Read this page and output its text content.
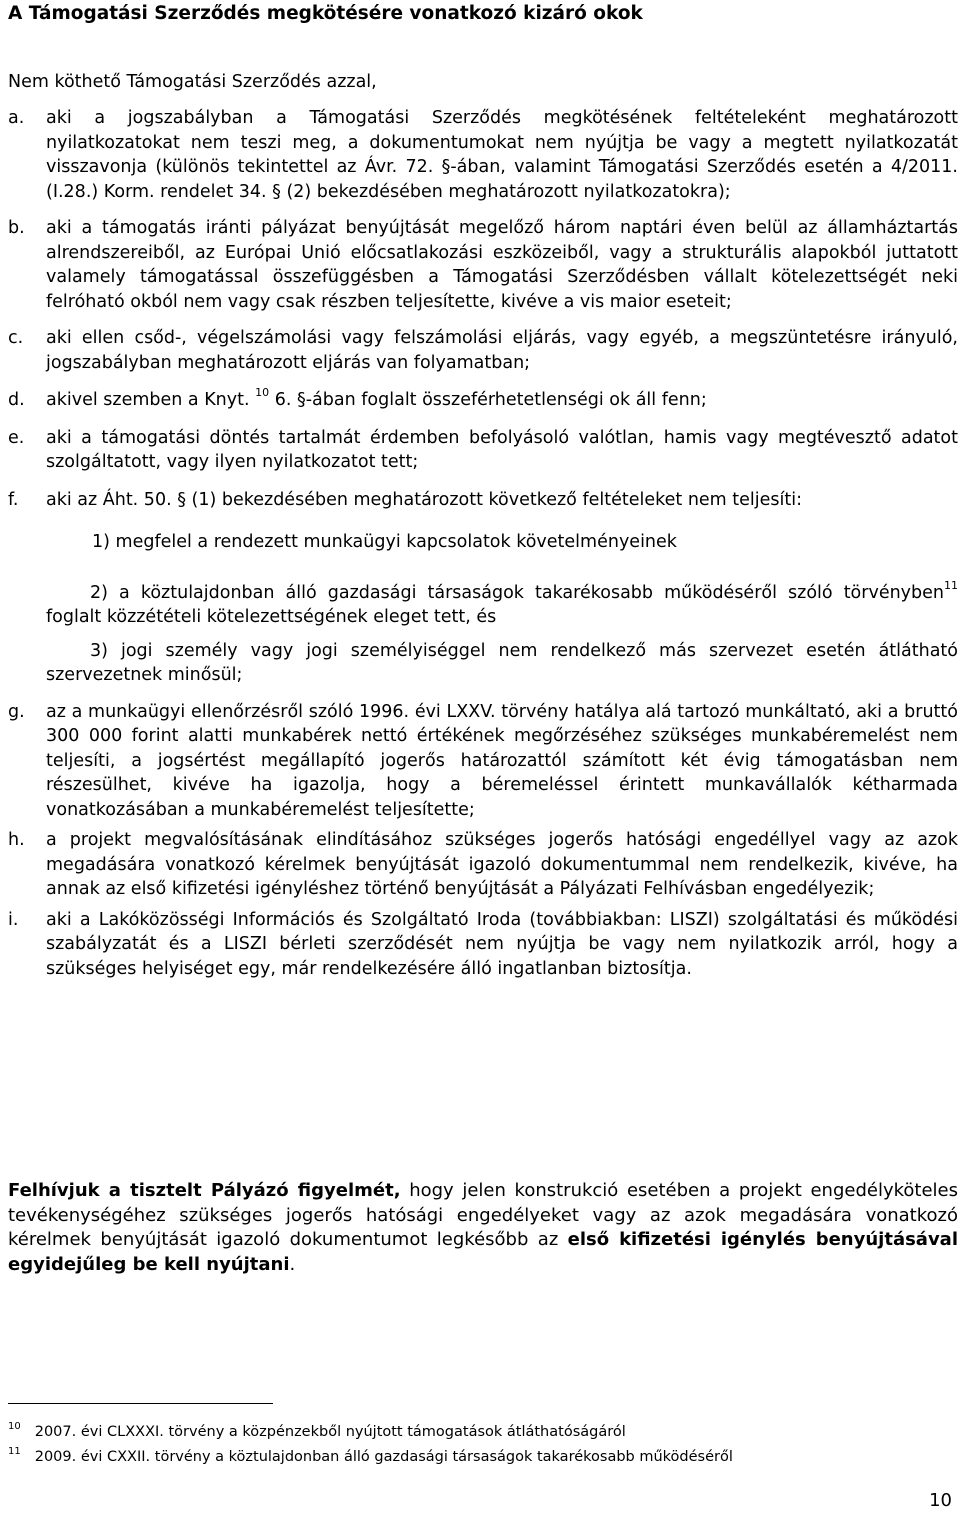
A Támogatási Szerződés megkötésére vonatkozó kizáró okok
Nem köthető Támogatási Szerződés azzal,
a.	aki a jogszabályban a Támogatási Szerződés megkötésének feltételeként meghatározott nyilatkozatokat nem teszi meg, a dokumentumokat nem nyújtja be vagy a megtett nyilatkozatát visszavonja (különös tekintettel az Ávr. 72. §-ában, valamint Támogatási Szerződés esetén a 4/2011. (I.28.) Korm. rendelet 34. § (2) bekezdésében meghatározott nyilatkozatokra);
b.	aki a támogatás iránti pályázat benyújtását megelőző három naptári éven belül az államháztartás alrendszereiből, az Európai Unió előcsatlakozási eszközeiből, vagy a strukturális alapokból juttatott valamely támogatással összefüggésben a Támogatási Szerződésben vállalt kötelezettségét neki felróható okból nem vagy csak részben teljesítette, kivéve a vis maior eseteit;
c.	aki ellen csőd-, végelszámolási vagy felszámolási eljárás, vagy egyéb, a megszüntetésre irányuló, jogszabályban meghatározott eljárás van folyamatban;
d.	akivel szemben a Knyt. $^{10}$ 6. §-ában foglalt összeférhetetlenségi ok áll fenn;
e.	aki a támogatási döntés tartalmát érdemben befolyásoló valótlan, hamis vagy megtévesztő adatot szolgáltatott, vagy ilyen nyilatkozatot tett;
f.	aki az Áht. 50. § (1) bekezdésében meghatározott következő feltételeket nem teljesíti:
1) megfelel a rendezett munkaügyi kapcsolatok követelményeinek
2) a köztulajdonban álló gazdasági társaságok takarékosabb működéséről szóló törvényben$^{11}$ foglalt közzétételi kötelezettségének eleget tett, és
3) jogi személy vagy jogi személyiséggel nem rendelkező más szervezet esetén átlátható szervezetnek minősül;
g.	az a munkaügyi ellenőrzésről szóló 1996. évi LXXV. törvény hatálya alá tartozó munkáltató, aki a bruttó 300 000 forint alatti munkabérek nettó értékének megőrzéséhez szükséges munkabéremelést nem teljesíti, a jogsértést megállapító jogerős határozattól számított két évig támogatásban nem részesülhet, kivéve ha igazolja, hogy a béremeléssel érintett munkavállalók kétharmada vonatkozásában a munkabéremelést teljesítette;
h.	a projekt megvalósításának elindításához szükséges jogerős hatósági engedéllyel vagy az azok megadására vonatkozó kérelmek benyújtását igazoló dokumentummal nem rendelkezik, kivéve, ha annak az első kifizetési igényléshez történő benyújtását a Pályázati Felhívásban engedélyezik;
i.	aki a Lakóközösségi Információs és Szolgáltató Iroda (továbbiakban: LISZI) szolgáltatási és működési szabályzatát és a LISZI bérleti szerződését nem nyújtja be vagy nem nyilatkozik arról, hogy a szükséges helyiséget egy, már rendelkezésére álló ingatlanban biztosítja.
Felhívjuk a tisztelt Pályázó figyelmét, hogy jelen konstrukció esetében a projekt engedélyköteles tevékenységéhez szükséges jogerős hatósági engedélyeket vagy az azok megadására vonatkozó kérelmek benyújtását igazoló dokumentumot legkésőbb az első kifizetési igénylés benyújtásával egyidejűleg be kell nyújtani.
$^{10}$ 2007. évi CLXXXI. törvény a közpénzekből nyújtott támogatások átláthatóságáról
$^{11}$ 2009. évi CXXII. törvény a köztulajdonban álló gazdasági társaságok takarékosabb működéséről
10
